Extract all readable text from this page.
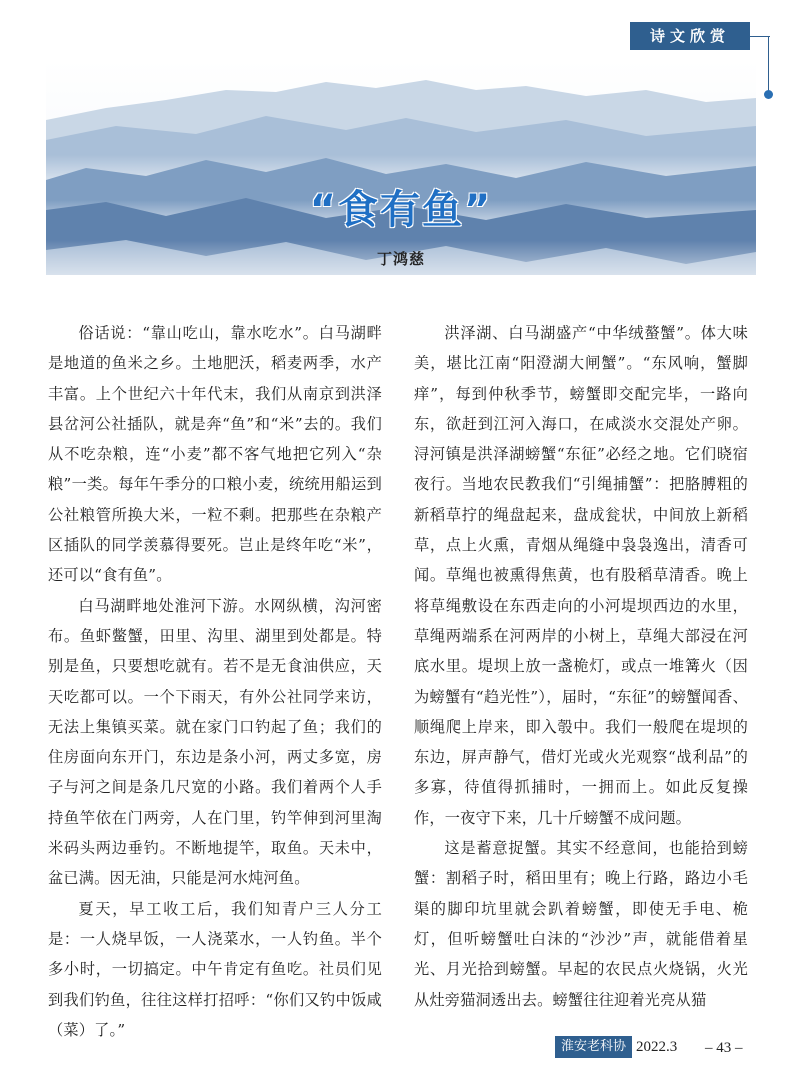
诗文欣赏
“食有鱼”
丁鸿慈

俗话说：“靠山吃山，靠水吃水”。白马湖畔是地道的鱼米之乡。土地肥沃，稻麦两季，水产丰富。上个世纪六十年代末，我们从南京到洪泽县岔河公社插队，就是奔“鱼”和“米”去的。我们从不吃杂粮，连“小麦”都不客气地把它列入“杂粮”一类。每年午季分的口粮小麦，统统用船运到公社粮管所换大米，一粒不剩。把那些在杂粮产区插队的同学羡慕得要死。岂止是终年吃“米”，还可以“食有鱼”。

白马湖畔地处淮河下游。水网纵横，沟河密布。鱼虾鳖蟹，田里、沟里、湖里到处都是。特别是鱼，只要想吃就有。若不是无食油供应，天天吃都可以。一个下雨天，有外公社同学来访，无法上集镇买菜。就在家门口钓起了鱼；我们的住房面向东开门，东边是条小河，两丈多宽，房子与河之间是条几尺宽的小路。我们着两个人手持鱼竿依在门两旁，人在门里，钓竿伸到河里淘米码头两边垂钓。不断地提竿，取鱼。天未中，盆已满。因无油，只能是河水炖河鱼。

夏天，早工收工后，我们知青户三人分工是：一人烧早饭，一人浇菜水，一人钓鱼。半个多小时，一切搞定。中午肯定有鱼吃。社员们见到我们钓鱼，往往这样打招呼：“你们又钓中饭咸（菜）了。”

洪泽湖、白马湖盛产“中华绒螯蟹”。体大味美，堪比江南“阳澄湖大闸蟹”。“东风响，蟹脚痒”，每到仲秋季节，螃蟹即交配完毕，一路向东，欲赶到江河入海口，在咸淡水交混处产卵。浔河镇是洪泽湖螃蟹“东征”必经之地。它们晓宿夜行。当地农民教我们“引绳捕蟹”：把胳膊粗的新稻草拧的绳盘起来，盘成瓮状，中间放上新稻草，点上火熏，青烟从绳缝中袅袅逸出，清香可闻。草绳也被熏得焦黄，也有股稻草清香。晚上将草绳敷设在东西走向的小河堤坝西边的水里，草绳两端系在河两岸的小树上，草绳大部浸在河底水里。堤坝上放一盏桅灯，或点一堆篝火（因为螃蟹有“趋光性”），届时，“东征”的螃蟹闻香、顺绳爬上岸来，即入彀中。我们一般爬在堤坝的东边，屏声静气，借灯光或火光观察“战利品”的多寡，待值得抓捕时，一拥而上。如此反复操作，一夜守下来，几十斤螃蟹不成问题。

这是蓄意捉蟹。其实不经意间，也能拾到螃蟹：割稻子时，稻田里有；晚上行路，路边小毛渠的脚印坑里就会趴着螃蟹，即使无手电、桅灯，但听螃蟹吐白沫的“沙沙”声，就能借着星光、月光拾到螃蟹。早起的农民点火烧锅，火光从灶旁猫洞透出去。螃蟹往往迎着光亮从猫

淮安老科协 2022.3 – 43 –
